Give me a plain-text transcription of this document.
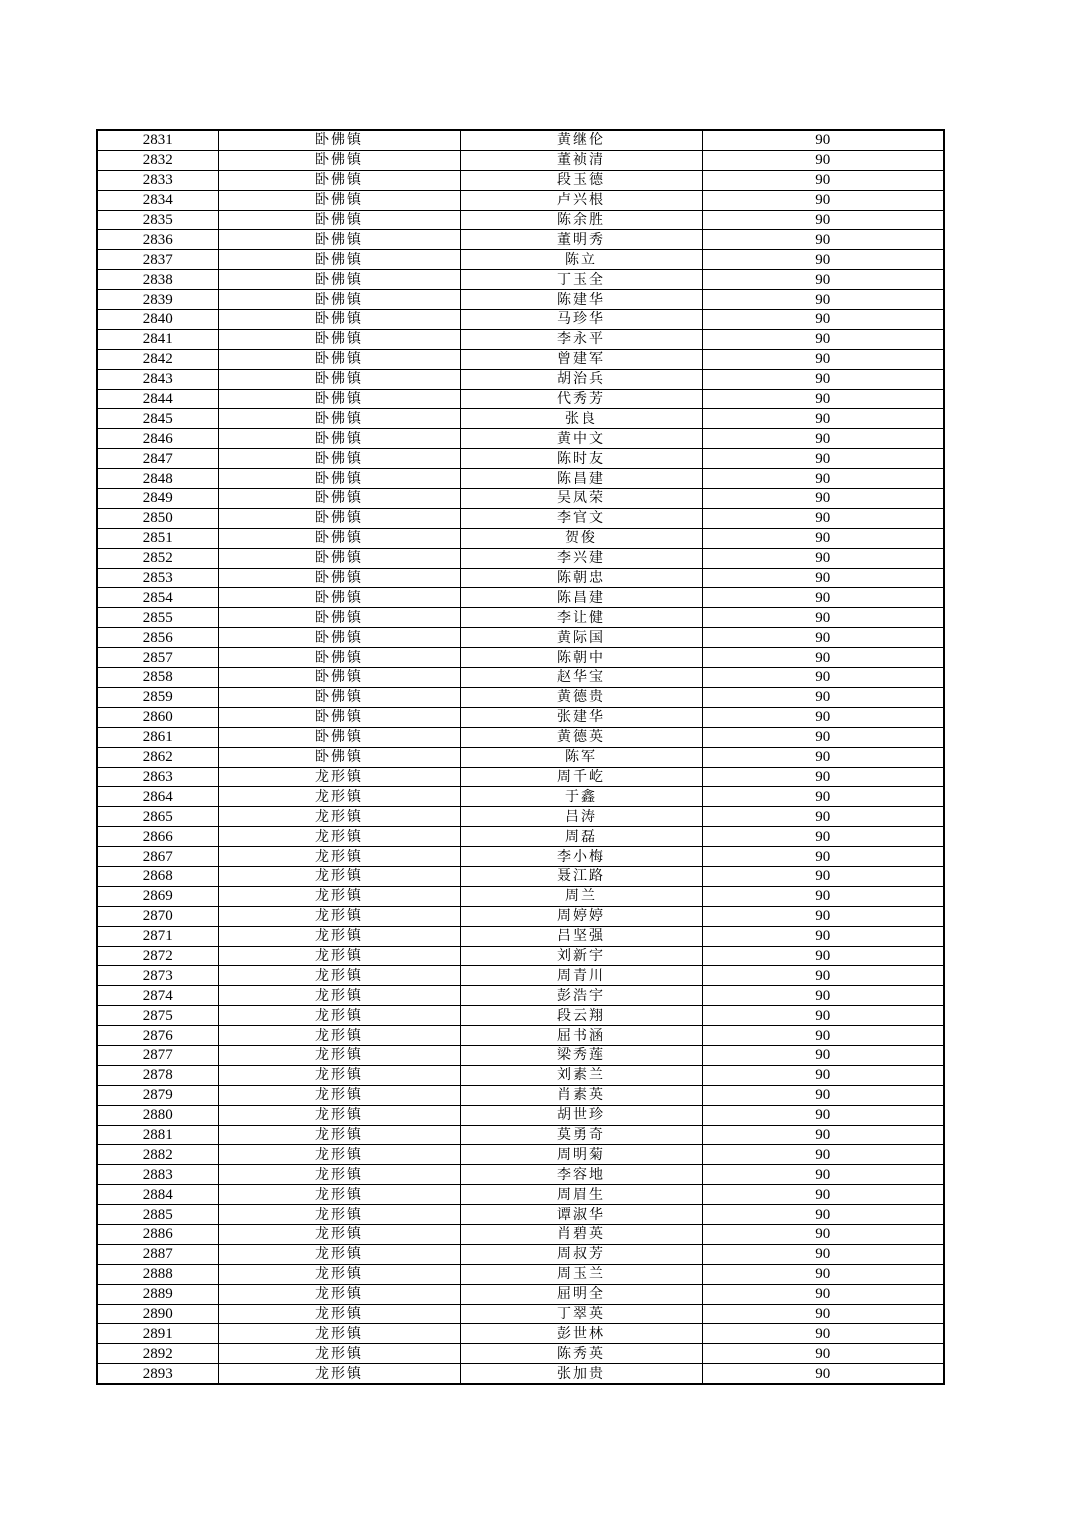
2831	卧佛镇	黄继伦	90
2832	卧佛镇	董祯清	90
2833	卧佛镇	段玉德	90
2834	卧佛镇	卢兴根	90
2835	卧佛镇	陈余胜	90
2836	卧佛镇	董明秀	90
2837	卧佛镇	陈立	90
2838	卧佛镇	丁玉全	90
2839	卧佛镇	陈建华	90
2840	卧佛镇	马珍华	90
2841	卧佛镇	李永平	90
2842	卧佛镇	曾建军	90
2843	卧佛镇	胡治兵	90
2844	卧佛镇	代秀芳	90
2845	卧佛镇	张良	90
2846	卧佛镇	黄中文	90
2847	卧佛镇	陈时友	90
2848	卧佛镇	陈昌建	90
2849	卧佛镇	吴凤荣	90
2850	卧佛镇	李官文	90
2851	卧佛镇	贺俊	90
2852	卧佛镇	李兴建	90
2853	卧佛镇	陈朝忠	90
2854	卧佛镇	陈昌建	90
2855	卧佛镇	李让健	90
2856	卧佛镇	黄际国	90
2857	卧佛镇	陈朝中	90
2858	卧佛镇	赵华宝	90
2859	卧佛镇	黄德贵	90
2860	卧佛镇	张建华	90
2861	卧佛镇	黄德英	90
2862	卧佛镇	陈军	90
2863	龙形镇	周千屹	90
2864	龙形镇	于鑫	90
2865	龙形镇	吕涛	90
2866	龙形镇	周磊	90
2867	龙形镇	李小梅	90
2868	龙形镇	聂江路	90
2869	龙形镇	周兰	90
2870	龙形镇	周婷婷	90
2871	龙形镇	吕坚强	90
2872	龙形镇	刘新宇	90
2873	龙形镇	周青川	90
2874	龙形镇	彭浩宇	90
2875	龙形镇	段云翔	90
2876	龙形镇	屈书涵	90
2877	龙形镇	梁秀莲	90
2878	龙形镇	刘素兰	90
2879	龙形镇	肖素英	90
2880	龙形镇	胡世珍	90
2881	龙形镇	莫勇奇	90
2882	龙形镇	周明菊	90
2883	龙形镇	李容地	90
2884	龙形镇	周眉生	90
2885	龙形镇	谭淑华	90
2886	龙形镇	肖碧英	90
2887	龙形镇	周叔芳	90
2888	龙形镇	周玉兰	90
2889	龙形镇	屈明全	90
2890	龙形镇	丁翠英	90
2891	龙形镇	彭世林	90
2892	龙形镇	陈秀英	90
2893	龙形镇	张加贵	90
